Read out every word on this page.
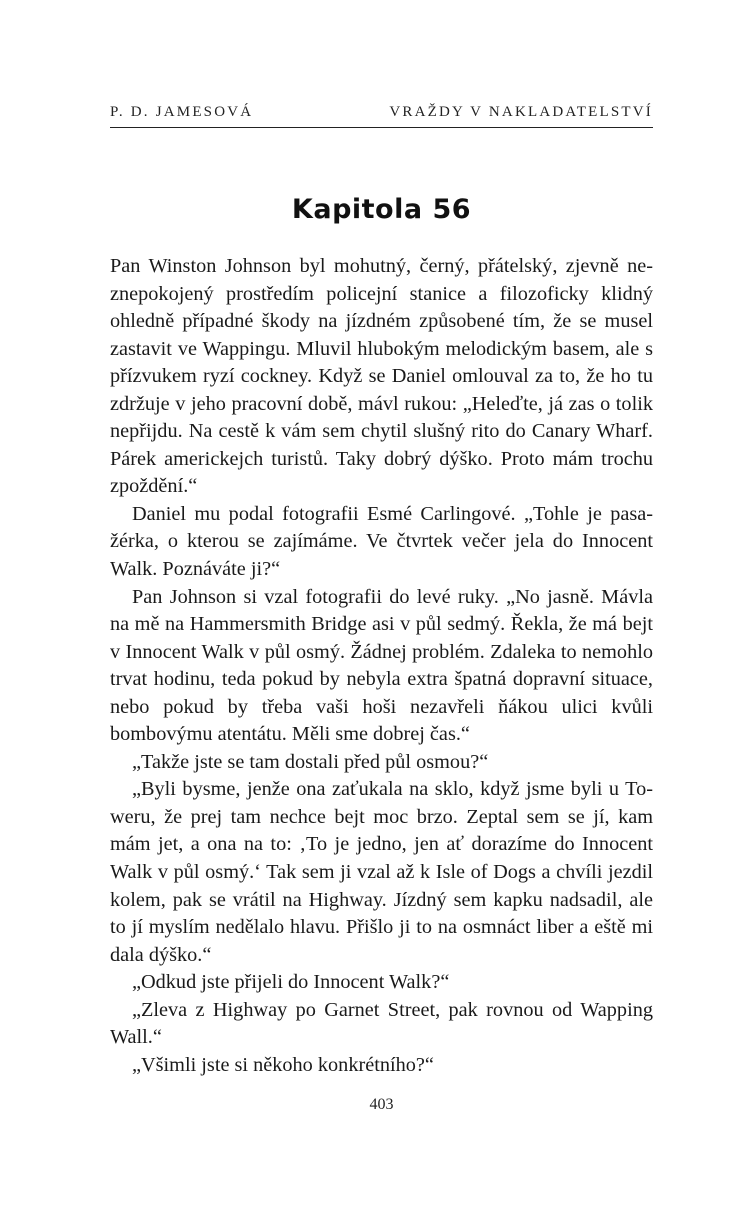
P. D. JAMESOVÁ	VRAŽDY V NAKLADATELSTVÍ
Kapitola 56

Pan Winston Johnson byl mohutný, černý, přátelský, zjevně neznepokojený prostředím policejní stanice a filozoficky klidný ohledně případné škody na jízdném způsobené tím, že se musel zastavit ve Wappingu. Mluvil hlubokým melodickým basem, ale s přízvukem ryzí cockney. Když se Daniel omlouval za to, že ho tu zdržuje v jeho pracovní době, mávl rukou: „Heleďte, já zas o tolik nepřijdu. Na cestě k vám sem chytil slušný rito do Canary Wharf. Párek americkejch turistů. Taky dobrý dýško. Proto mám trochu zpoždění.“

Daniel mu podal fotografii Esmé Carlingové. „Tohle je pasažérka, o kterou se zajímáme. Ve čtvrtek večer jela do Innocent Walk. Poznáváte ji?“

Pan Johnson si vzal fotografii do levé ruky. „No jasně. Mávla na mě na Hammersmith Bridge asi v půl sedmý. Řekla, že má bejt v Innocent Walk v půl osmý. Žádnej problém. Zdaleka to nemohlo trvat hodinu, teda pokud by nebyla extra špatná dopravní situace, nebo pokud by třeba vaši hoši nezavřeli ňákou ulici kvůli bombovýmu atentátu. Měli sme dobrej čas.“

„Takže jste se tam dostali před půl osmou?“

„Byli bysme, jenže ona zaťukala na sklo, když jsme byli u Toweru, že prej tam nechce bejt moc brzo. Zeptal sem se jí, kam mám jet, a ona na to: ‚To je jedno, jen ať dorazíme do Innocent Walk v půl osmý.‘ Tak sem ji vzal až k Isle of Dogs a chvíli jezdil kolem, pak se vrátil na Highway. Jízdný sem kapku nadsadil, ale to jí myslím nedělalo hlavu. Přišlo ji to na osmnáct liber a eště mi dala dýško.“

„Odkud jste přijeli do Innocent Walk?“

„Zleva z Highway po Garnet Street, pak rovnou od Wapping Wall.“

„Všimli jste si někoho konkrétního?“

403
